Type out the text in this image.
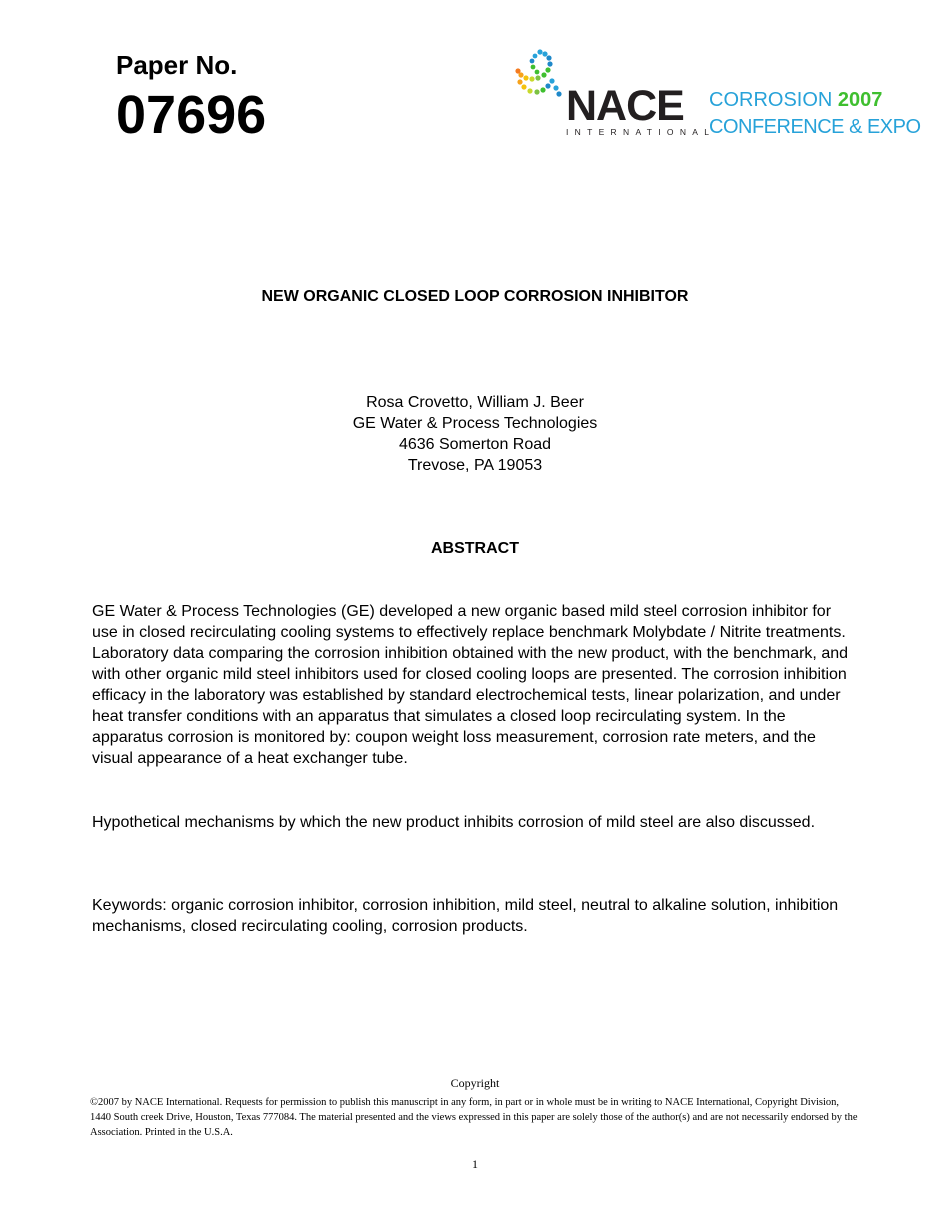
Paper No.
07696	NACE
INTERNATIONAL
CORROSION 2007
CONFERENCE & EXPO
NEW ORGANIC CLOSED LOOP CORROSION INHIBITOR
Rosa Crovetto, William J. Beer
GE Water & Process Technologies
4636 Somerton Road
Trevose, PA 19053
ABSTRACT

GE Water & Process Technologies (GE) developed a new organic based mild steel corrosion inhibitor for use in closed recirculating cooling systems to effectively replace benchmark Molybdate / Nitrite treatments. Laboratory data comparing the corrosion inhibition obtained with the new product, with the benchmark, and with other organic mild steel inhibitors used for closed cooling loops are presented. The corrosion inhibition efficacy in the laboratory was established by standard electrochemical tests, linear polarization, and under heat transfer conditions with an apparatus that simulates a closed loop recirculating system. In the apparatus corrosion is monitored by: coupon weight loss measurement, corrosion rate meters, and the visual appearance of a heat exchanger tube.

Hypothetical mechanisms by which the new product inhibits corrosion of mild steel are also discussed.

Keywords: organic corrosion inhibitor, corrosion inhibition, mild steel, neutral to alkaline solution, inhibition mechanisms, closed recirculating cooling, corrosion products.

Copyright

©2007 by NACE International. Requests for permission to publish this manuscript in any form, in part or in whole must be in writing to NACE International, Copyright Division, 1440 South creek Drive, Houston, Texas 777084. The material presented and the views expressed in this paper are solely those of the author(s) and are not necessarily endorsed by the Association. Printed in the U.S.A.

1
